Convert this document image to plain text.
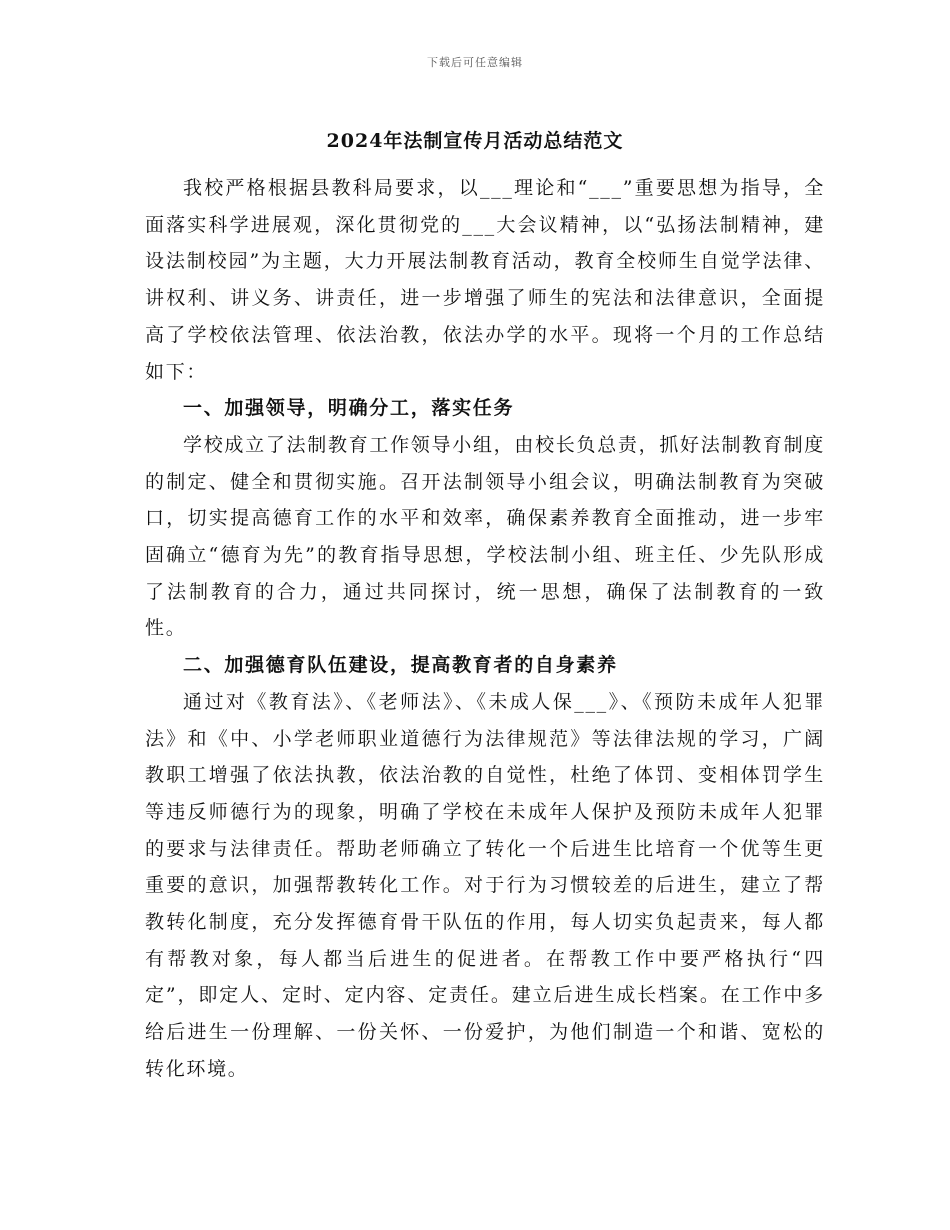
下载后可任意编辑
2024年法制宣传月活动总结范文

我校严格根据县教科局要求，以___理论和“___”重要思想为指导，全面落实科学进展观，深化贯彻党的___大会议精神，以“弘扬法制精神，建设法制校园”为主题，大力开展法制教育活动，教育全校师生自觉学法律、讲权利、讲义务、讲责任，进一步增强了师生的宪法和法律意识，全面提高了学校依法管理、依法治教，依法办学的水平。现将一个月的工作总结如下：

一、加强领导，明确分工，落实任务

学校成立了法制教育工作领导小组，由校长负总责，抓好法制教育制度的制定、健全和贯彻实施。召开法制领导小组会议，明确法制教育为突破口，切实提高德育工作的水平和效率，确保素养教育全面推动，进一步牢固确立“德育为先”的教育指导思想，学校法制小组、班主任、少先队形成了法制教育的合力，通过共同探讨，统一思想，确保了法制教育的一致性。

二、加强德育队伍建设，提高教育者的自身素养

通过对《教育法》、《老师法》、《未成人保___》、《预防未成年人犯罪法》和《中、小学老师职业道德行为法律规范》等法律法规的学习，广阔教职工增强了依法执教，依法治教的自觉性，杜绝了体罚、变相体罚学生等违反师德行为的现象，明确了学校在未成年人保护及预防未成年人犯罪的要求与法律责任。帮助老师确立了转化一个后进生比培育一个优等生更重要的意识，加强帮教转化工作。对于行为习惯较差的后进生，建立了帮教转化制度，充分发挥德育骨干队伍的作用，每人切实负起责来，每人都有帮教对象，每人都当后进生的促进者。在帮教工作中要严格执行“四定”，即定人、定时、定内容、定责任。建立后进生成长档案。在工作中多给后进生一份理解、一份关怀、一份爱护，为他们制造一个和谐、宽松的转化环境。
